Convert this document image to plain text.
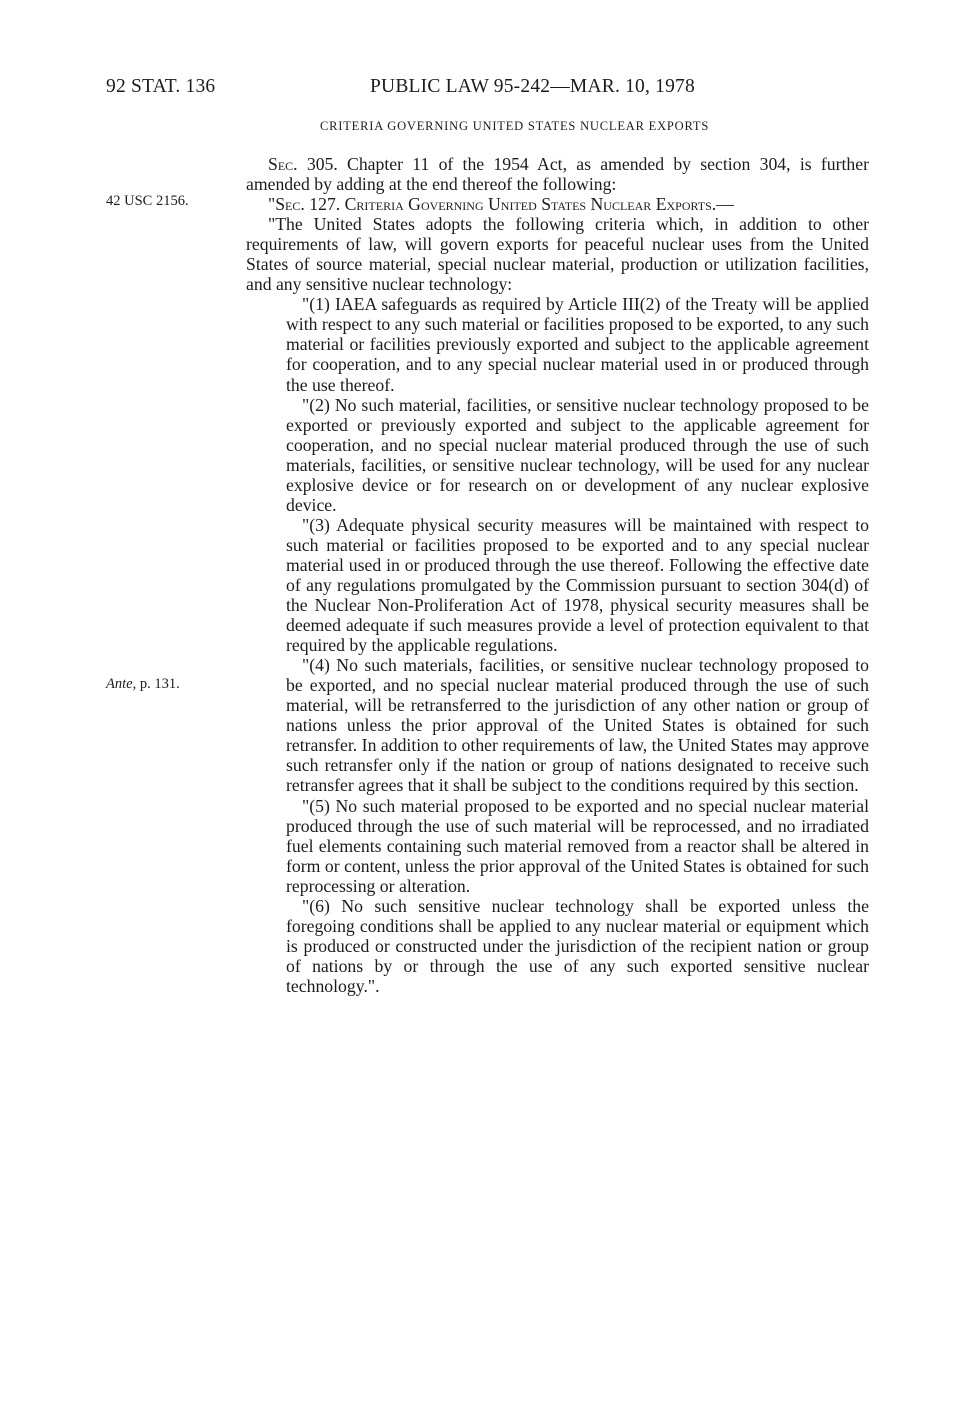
92 STAT. 136	PUBLIC LAW 95-242—MAR. 10, 1978
CRITERIA GOVERNING UNITED STATES NUCLEAR EXPORTS
42 USC 2156.
Ante, p. 131.

Sec. 305. Chapter 11 of the 1954 Act, as amended by section 304, is further amended by adding at the end thereof the following:

"Sec. 127. Criteria Governing United States Nuclear Exports.—

"The United States adopts the following criteria which, in addition to other requirements of law, will govern exports for peaceful nuclear uses from the United States of source material, special nuclear material, production or utilization facilities, and any sensitive nuclear technology:

"(1) IAEA safeguards as required by Article III(2) of the Treaty will be applied with respect to any such material or facilities proposed to be exported, to any such material or facilities previously exported and subject to the applicable agreement for cooperation, and to any special nuclear material used in or produced through the use thereof.

"(2) No such material, facilities, or sensitive nuclear technology proposed to be exported or previously exported and subject to the applicable agreement for cooperation, and no special nuclear material produced through the use of such materials, facilities, or sensitive nuclear technology, will be used for any nuclear explosive device or for research on or development of any nuclear explosive device.

"(3) Adequate physical security measures will be maintained with respect to such material or facilities proposed to be exported and to any special nuclear material used in or produced through the use thereof. Following the effective date of any regulations promulgated by the Commission pursuant to section 304(d) of the Nuclear Non-Proliferation Act of 1978, physical security measures shall be deemed adequate if such measures provide a level of protection equivalent to that required by the applicable regulations.

"(4) No such materials, facilities, or sensitive nuclear technology proposed to be exported, and no special nuclear material produced through the use of such material, will be retransferred to the jurisdiction of any other nation or group of nations unless the prior approval of the United States is obtained for such retransfer. In addition to other requirements of law, the United States may approve such retransfer only if the nation or group of nations designated to receive such retransfer agrees that it shall be subject to the conditions required by this section.

"(5) No such material proposed to be exported and no special nuclear material produced through the use of such material will be reprocessed, and no irradiated fuel elements containing such material removed from a reactor shall be altered in form or content, unless the prior approval of the United States is obtained for such reprocessing or alteration.

"(6) No such sensitive nuclear technology shall be exported unless the foregoing conditions shall be applied to any nuclear material or equipment which is produced or constructed under the jurisdiction of the recipient nation or group of nations by or through the use of any such exported sensitive nuclear technology.".
